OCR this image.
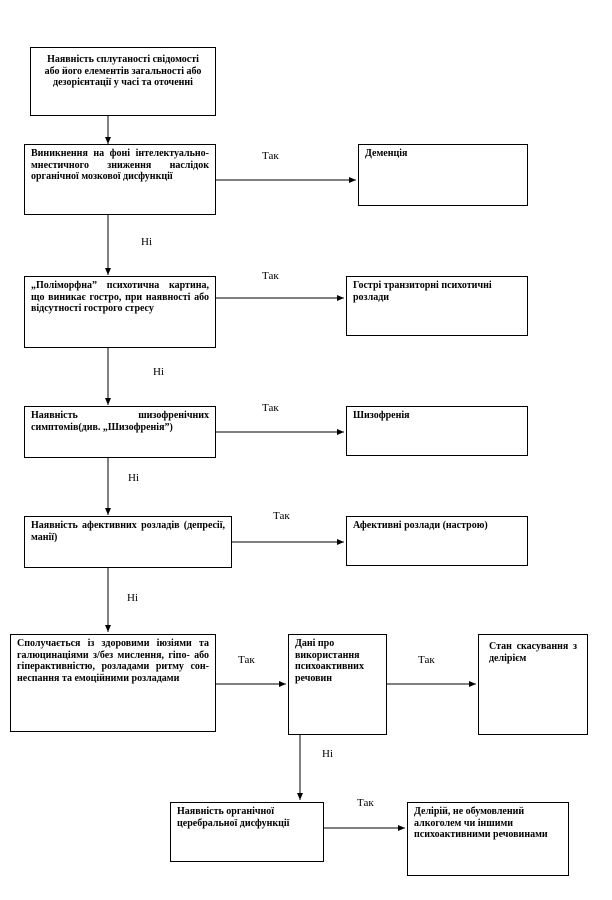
Наявність сплутаності свідомості або його елементів загальності або дезорієнтації у часі та оточенні
Виникнення на фоні інтелектуально-мнестичного зниження наслідок органічної мозкової дисфункції
Деменція
„Поліморфна” психотична картина, що виникає гостро, при наявності або відсутності гострого стресу
Гострі транзиторні психотичні розлади
Наявність шизофренічних симптомів(див. „Шизофренія”)
Шизофренія
Наявність афективних розладів (депресії, манії)
Афективні розлади (настрою)
Сполучається із здоровими іюзіями та галюцинаціями з/без мислення, гіпо- або гіперактивністю, розладами ритму сон-неспання та емоційними розладами
Дані про використання психоактивних речовин
Стан скасування з делірієм
Наявність органічної церебральної дисфункції
Делірій, не обумовлений алкоголем чи іншими психоактивними речовинами
Ні
Ні
Ні
Ні
Ні
Так
Так
Так
Так
Так	Так
Так
